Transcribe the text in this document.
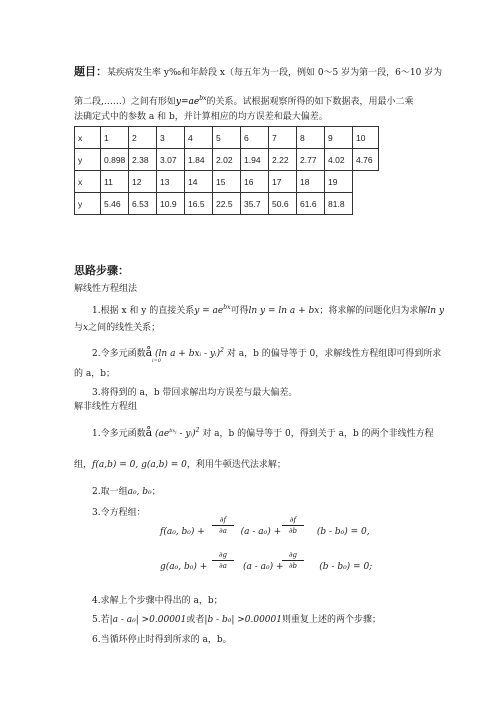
题目：某疾病发生率 y‰和年龄段 x（每五年为一段，例如 0～5 岁为第一段，6～10 岁为
第二段,……）之间有形如$y=ae^{bx}$的关系。试根据观察所得的如下数据表，用最小二乘
法确定式中的参数 a 和 b，并计算相应的均方误差和最大偏差。
x	1	2	3	4	5	6	7	8	9	10
y	0.898	2.38	3.07	1.84	2.02	1.94	2.22	2.77	4.02	4.76
x	11	12	13	14	15	16	17	18	19	
y	5.46	6.53	10.9	16.5	22.5	35.7	50.6	61.6	81.8	
思路步骤：
解线性方程组法
1.根据 x 和 y 的直接关系$y = ae^{bx}$可得ln y = ln a + bx；将求解的问题化归为求解ln y
与x之间的线性关系；
2.令多元函数å (ln a + bxi - yi)$^2$ 对 a，b 的偏导等于 0，求解线性方程组即可得到所求
i=0
的 a，b；
3.将得到的 a，b 带回求解出均方误差与最大偏差。
解非线性方程组
1.令多元函数å $(ae^{bx_i} - yi)^2$ 对 a，b 的偏导等于 0，得到关于 a，b 的两个非线性方程
组，f(a,b) = 0, g(a,b) = 0，利用牛顿迭代法求解；
2.取一组a₀, b₀；
3.令方程组：
f(a₀, b₀) +	(a - a₀) +	(b - b₀) = 0,
∂f
∂a
∂f
∂b
g(a₀, b₀) +	(a - a₀) +	(b - b₀) = 0;
∂g
∂a
∂g
∂b
4.求解上个步骤中得出的 a，b；
5.若|a - a₀| >0.00001或者|b - b₀| >0.00001则重复上述的两个步骤；
6.当循环停止时得到所求的 a，b。
